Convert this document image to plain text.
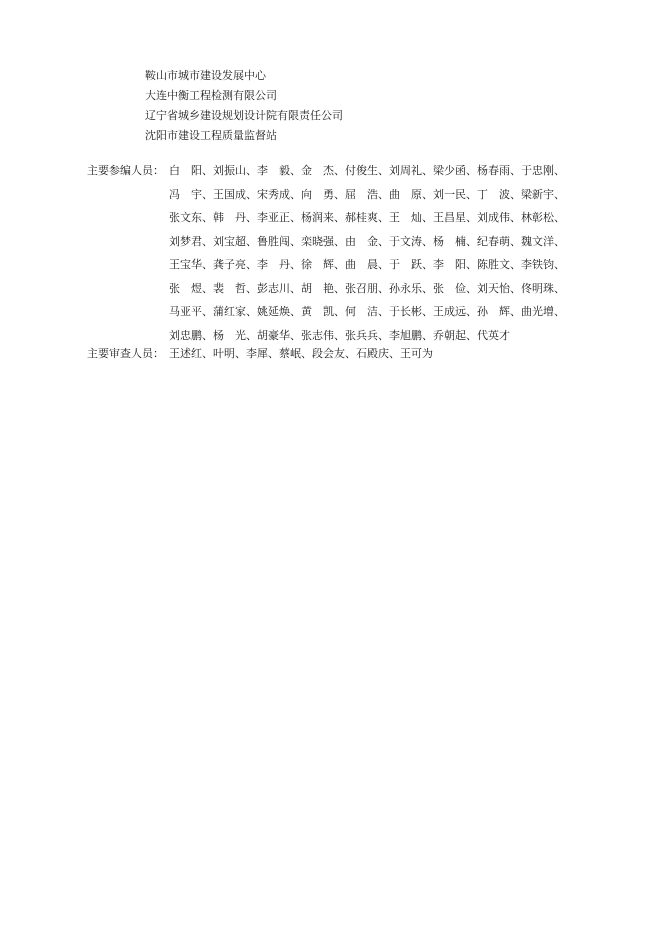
鞍山市城市建设发展中心
大连中衡工程检测有限公司
辽宁省城乡建设规划设计院有限责任公司
沈阳市建设工程质量监督站
主要参编人员： 白　阳、刘振山、李　毅、金　杰、付俊生、刘周礼、梁少函、杨春雨、于忠刚、
冯　宇、王国成、宋秀成、向　勇、屈　浩、曲　原、刘一民、丁　波、梁新宇、
张文东、韩　丹、李亚正、杨润来、郝桂爽、王　灿、王昌星、刘成伟、林彰松、
刘梦君、刘宝超、鲁胜闯、栾晓强、由　金、于文涛、杨　楠、纪春萌、魏文洋、
王宝华、龚子亮、李　丹、徐　辉、曲　晨、于　跃、李　阳、陈胜文、李铁钧、
张　煜、裴　哲、彭志川、胡　艳、张召朋、孙永乐、张　俭、刘天怡、佟明珠、
马亚平、蒲红家、姚延焕、黄　凯、何　洁、于长彬、王成远、孙　辉、曲光增、
刘忠鹏、杨　光、胡豪华、张志伟、张兵兵、李旭鹏、乔朝起、代英才
主要审查人员： 王述红、叶明、李犀、蔡岷、段会友、石殿庆、王可为
